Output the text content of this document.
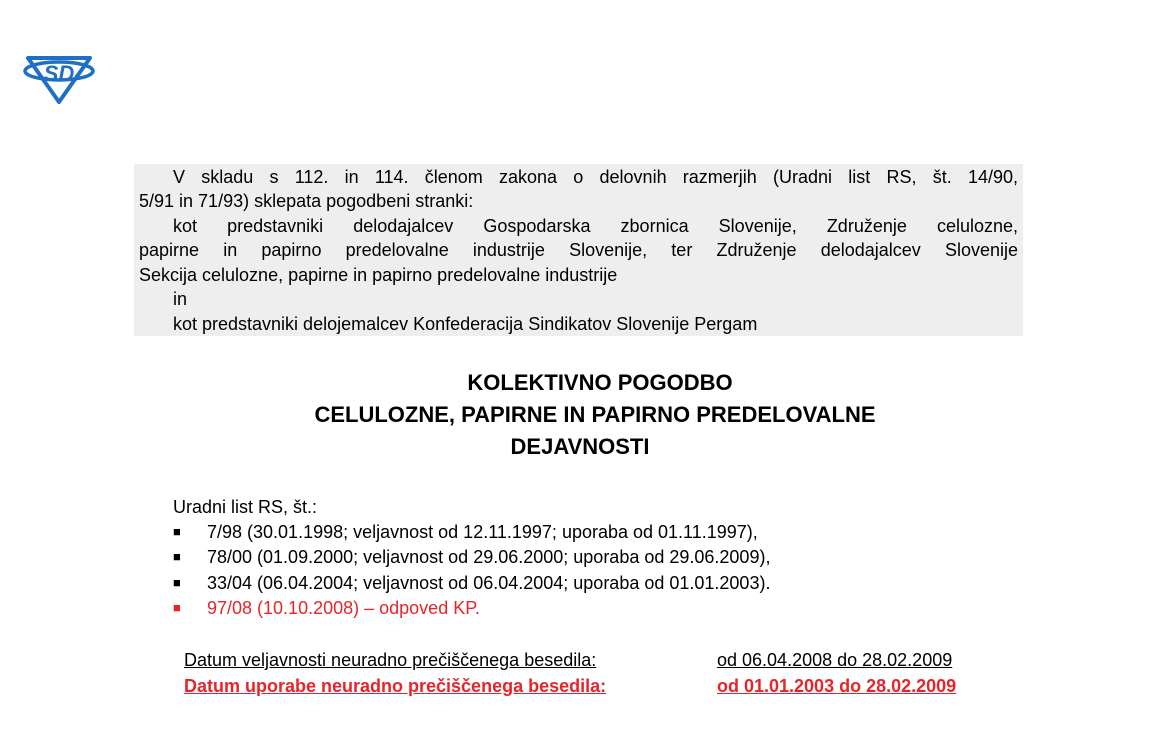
SD
V skladu s 112. in 114. členom zakona o delovnih razmerjih (Uradni list RS, št. 14/90,
5/91 in 71/93) sklepata pogodbeni stranki:
kot predstavniki delodajalcev Gospodarska zbornica Slovenije, Združenje celulozne,
papirne in papirno predelovalne industrije Slovenije, ter Združenje delodajalcev Slovenije
Sekcija celulozne, papirne in papirno predelovalne industrije
in
kot predstavniki delojemalcev Konfederacija Sindikatov Slovenije Pergam
KOLEKTIVNO POGODBO
CELULOZNE, PAPIRNE IN PAPIRNO PREDELOVALNE
DEJAVNOSTI
Uradni list RS, št.:
■	7/98 (30.01.1998; veljavnost od 12.11.1997; uporaba od 01.11.1997),
■	78/00 (01.09.2000; veljavnost od 29.06.2000; uporaba od 29.06.2009),
■	33/04 (06.04.2004; veljavnost od 06.04.2004; uporaba od 01.01.2003).
■	97/08 (10.10.2008) – odpoved KP.
Datum veljavnosti neuradno prečiščenega besedila:	od 06.04.2008 do 28.02.2009
Datum uporabe neuradno prečiščenega besedila:	od 01.01.2003 do 28.02.2009
